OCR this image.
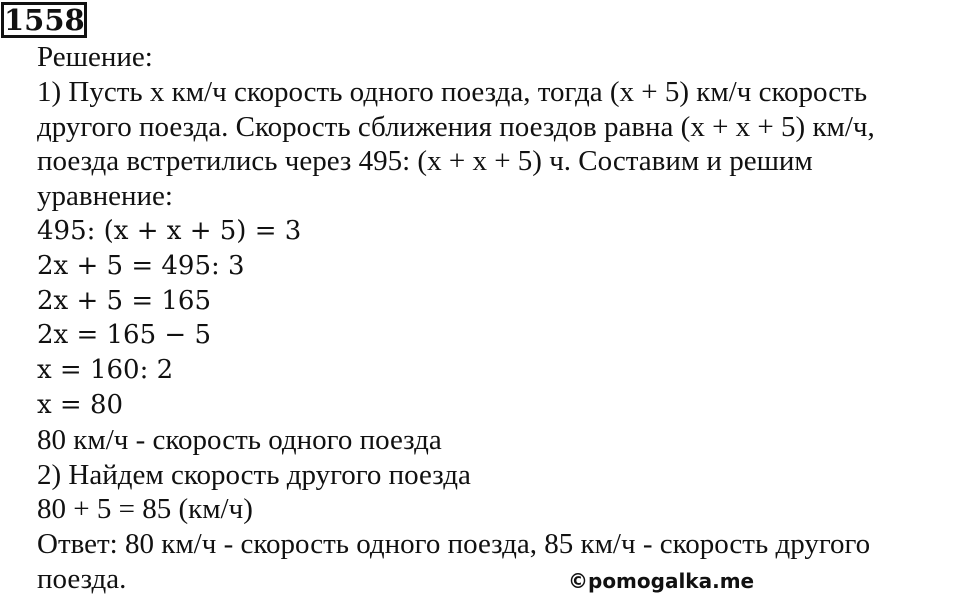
1558
Решение:
1) Пусть x км/ч скорость одного поезда, тогда (x + 5) км/ч скорость
другого поезда. Скорость сближения поездов равна (x + x + 5) км/ч,
поезда встретились через 495: (x + x + 5) ч. Составим и решим
уравнение:
495: (x + x + 5) = 3
2x + 5 = 495: 3
2x + 5 = 165
2x = 165 − 5
x = 160: 2
x = 80
80 км/ч - скорость одного поезда
2) Найдем скорость другого поезда
80 + 5 = 85 (км/ч)
Ответ: 80 км/ч - скорость одного поезда, 85 км/ч - скорость другого
поезда.	©pomogalka.me
